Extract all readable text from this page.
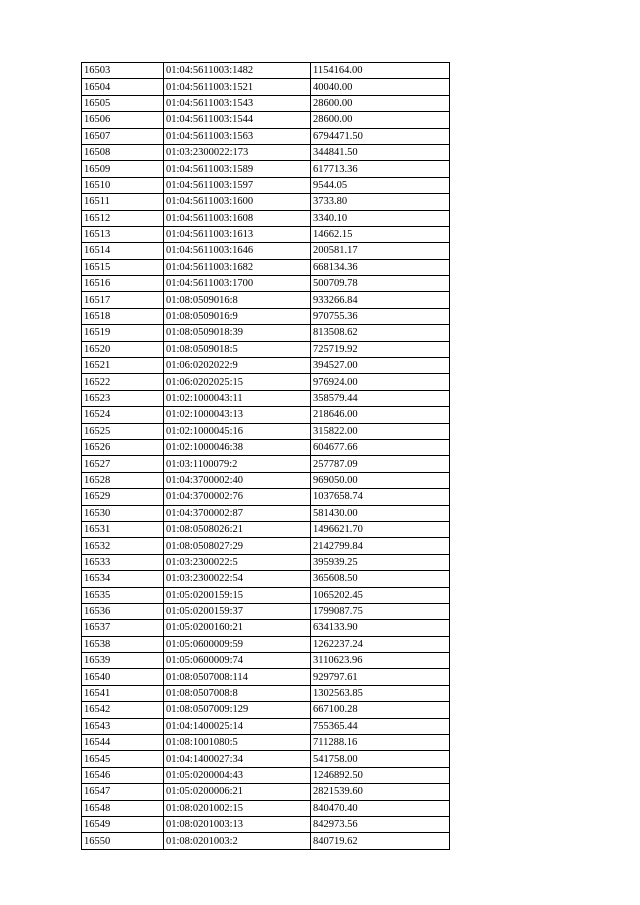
16503	01:04:5611003:1482	1154164.00
16504	01:04:5611003:1521	40040.00
16505	01:04:5611003:1543	28600.00
16506	01:04:5611003:1544	28600.00
16507	01:04:5611003:1563	6794471.50
16508	01:03:2300022:173	344841.50
16509	01:04:5611003:1589	617713.36
16510	01:04:5611003:1597	9544.05
16511	01:04:5611003:1600	3733.80
16512	01:04:5611003:1608	3340.10
16513	01:04:5611003:1613	14662.15
16514	01:04:5611003:1646	200581.17
16515	01:04:5611003:1682	668134.36
16516	01:04:5611003:1700	500709.78
16517	01:08:0509016:8	933266.84
16518	01:08:0509016:9	970755.36
16519	01:08:0509018:39	813508.62
16520	01:08:0509018:5	725719.92
16521	01:06:0202022:9	394527.00
16522	01:06:0202025:15	976924.00
16523	01:02:1000043:11	358579.44
16524	01:02:1000043:13	218646.00
16525	01:02:1000045:16	315822.00
16526	01:02:1000046:38	604677.66
16527	01:03:1100079:2	257787.09
16528	01:04:3700002:40	969050.00
16529	01:04:3700002:76	1037658.74
16530	01:04:3700002:87	581430.00
16531	01:08:0508026:21	1496621.70
16532	01:08:0508027:29	2142799.84
16533	01:03:2300022:5	395939.25
16534	01:03:2300022:54	365608.50
16535	01:05:0200159:15	1065202.45
16536	01:05:0200159:37	1799087.75
16537	01:05:0200160:21	634133.90
16538	01:05:0600009:59	1262237.24
16539	01:05:0600009:74	3110623.96
16540	01:08:0507008:114	929797.61
16541	01:08:0507008:8	1302563.85
16542	01:08:0507009:129	667100.28
16543	01:04:1400025:14	755365.44
16544	01:08:1001080:5	711288.16
16545	01:04:1400027:34	541758.00
16546	01:05:0200004:43	1246892.50
16547	01:05:0200006:21	2821539.60
16548	01:08:0201002:15	840470.40
16549	01:08:0201003:13	842973.56
16550	01:08:0201003:2	840719.62
